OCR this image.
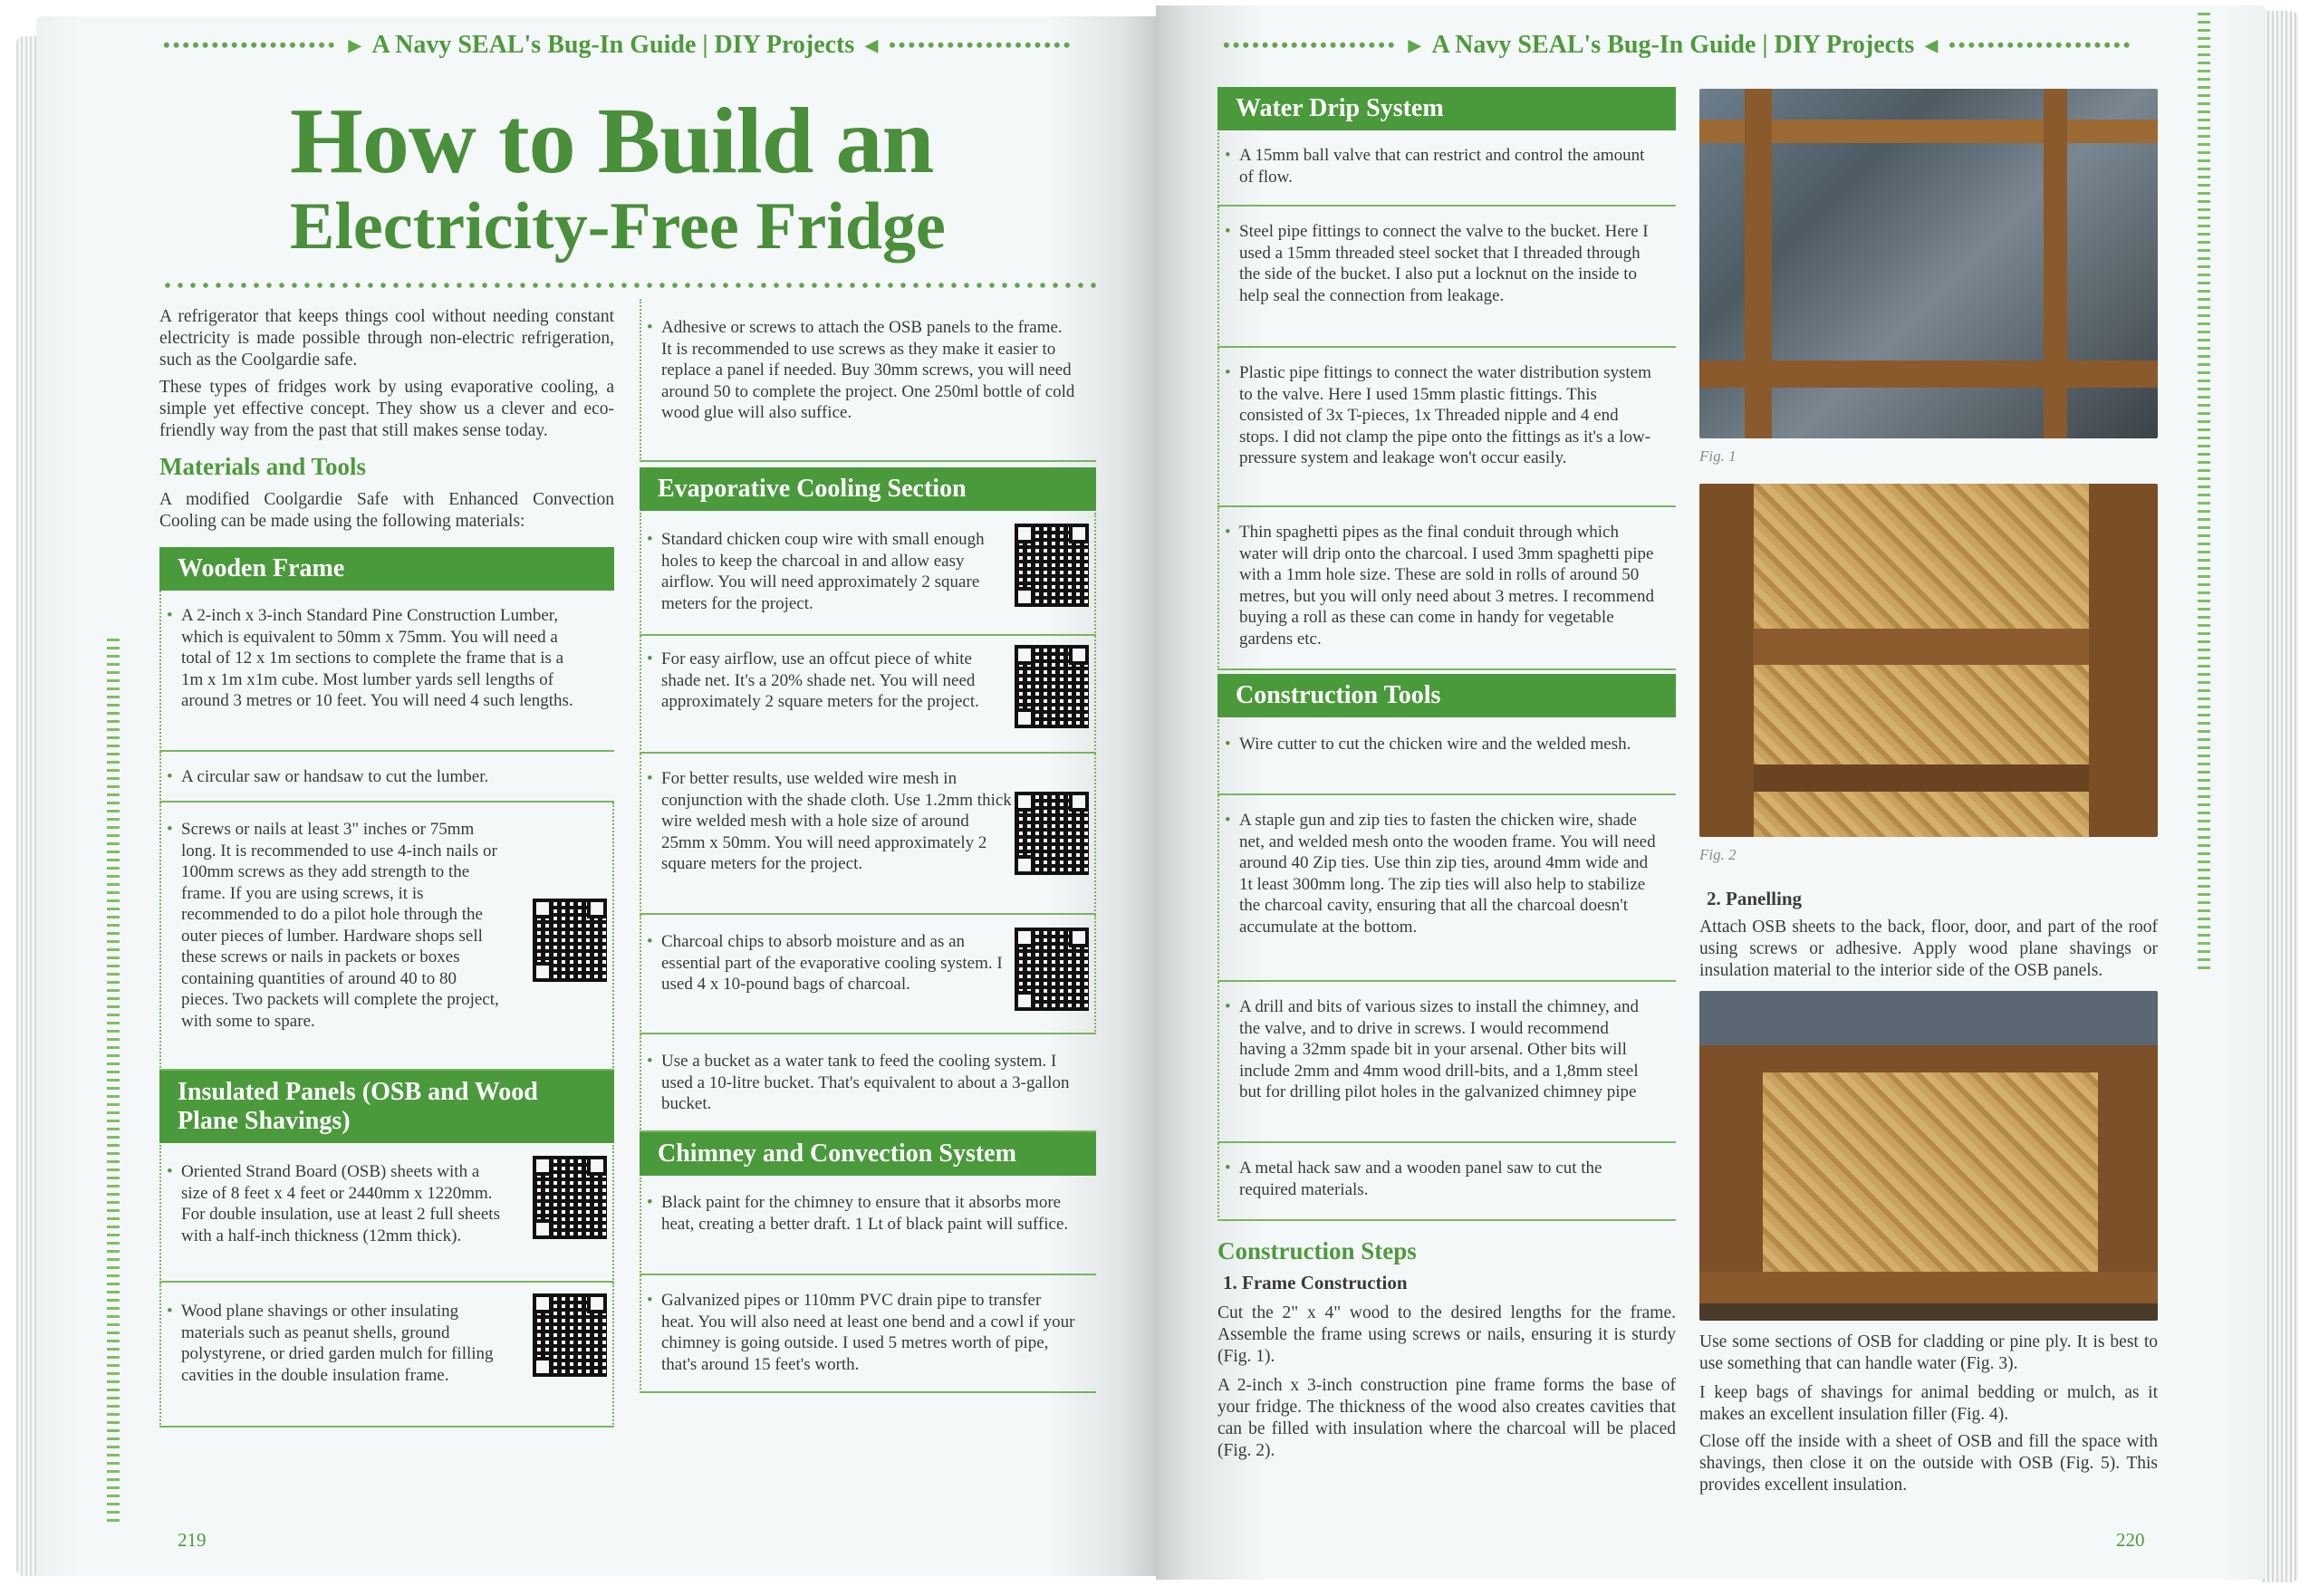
•••••••••••••••••• ▶ A Navy SEAL's Bug-In Guide | DIY Projects ◀ •••••••••••••••••••
How to Build an
Electricity-Free Fridge
A refrigerator that keeps things cool without needing constant electricity is made possible through non-electric refrigeration, such as the Coolgardie safe.
These types of fridges work by using evaporative cooling, a simple yet effective concept. They show us a clever and eco-friendly way from the past that still makes sense today.
Materials and Tools
A modified Coolgardie Safe with Enhanced Convection Cooling can be made using the following materials:
Wooden Frame
• A 2-inch x 3-inch Standard Pine Construction Lumber, which is equivalent to 50mm x 75mm. You will need a total of 12 x 1m sections to complete the frame that is a 1m x 1m x1m cube. Most lumber yards sell lengths of around 3 metres or 10 feet. You will need 4 such lengths.
• A circular saw or handsaw to cut the lumber.
• Screws or nails at least 3" inches or 75mm long. It is recommended to use 4-inch nails or 100mm screws as they add strength to the frame. If you are using screws, it is recommended to do a pilot hole through the outer pieces of lumber. Hardware shops sell these screws or nails in packets or boxes containing quantities of around 40 to 80 pieces. Two packets will complete the project, with some to spare.
Insulated Panels (OSB and Wood Plane Shavings)
• Oriented Strand Board (OSB) sheets with a size of 8 feet x 4 feet or 2440mm x 1220mm. For double insulation, use at least 2 full sheets with a half-inch thickness (12mm thick).
• Wood plane shavings or other insulating materials such as peanut shells, ground polystyrene, or dried garden mulch for filling cavities in the double insulation frame.
• Adhesive or screws to attach the OSB panels to the frame. It is recommended to use screws as they make it easier to replace a panel if needed. Buy 30mm screws, you will need around 50 to complete the project. One 250ml bottle of cold wood glue will also suffice.
Evaporative Cooling Section
• Standard chicken coup wire with small enough holes to keep the charcoal in and allow easy airflow. You will need approximately 2 square meters for the project.
• For easy airflow, use an offcut piece of white shade net. It's a 20% shade net. You will need approximately 2 square meters for the project.
• For better results, use welded wire mesh in conjunction with the shade cloth. Use 1.2mm thick wire welded mesh with a hole size of around 25mm x 50mm. You will need approximately 2 square meters for the project.
• Charcoal chips to absorb moisture and as an essential part of the evaporative cooling system. I used 4 x 10-pound bags of charcoal.
• Use a bucket as a water tank to feed the cooling system. I used a 10-litre bucket. That's equivalent to about a 3-gallon bucket.
Chimney and Convection System
• Black paint for the chimney to ensure that it absorbs more heat, creating a better draft. 1 Lt of black paint will suffice.
• Galvanized pipes or 110mm PVC drain pipe to transfer heat. You will also need at least one bend and a cowl if your chimney is going outside. I used 5 metres worth of pipe, that's around 15 feet's worth.
219
•••••••••••••••••• ▶ A Navy SEAL's Bug-In Guide | DIY Projects ◀ •••••••••••••••••••
Water Drip System
• A 15mm ball valve that can restrict and control the amount of flow.
• Steel pipe fittings to connect the valve to the bucket. Here I used a 15mm threaded steel socket that I threaded through the side of the bucket. I also put a locknut on the inside to help seal the connection from leakage.
• Plastic pipe fittings to connect the water distribution system to the valve. Here I used 15mm plastic fittings. This consisted of 3x T-pieces, 1x Threaded nipple and 4 end stops. I did not clamp the pipe onto the fittings as it's a low-pressure system and leakage won't occur easily.
• Thin spaghetti pipes as the final conduit through which water will drip onto the charcoal. I used 3mm spaghetti pipe with a 1mm hole size. These are sold in rolls of around 50 metres, but you will only need about 3 metres. I recommend buying a roll as these can come in handy for vegetable gardens etc.
Construction Tools
• Wire cutter to cut the chicken wire and the welded mesh.
• A staple gun and zip ties to fasten the chicken wire, shade net, and welded mesh onto the wooden frame. You will need around 40 Zip ties. Use thin zip ties, around 4mm wide and 1t least 300mm long. The zip ties will also help to stabilize the charcoal cavity, ensuring that all the charcoal doesn't accumulate at the bottom.
• A drill and bits of various sizes to install the chimney, and the valve, and to drive in screws. I would recommend having a 32mm spade bit in your arsenal. Other bits will include 2mm and 4mm wood drill-bits, and a 1,8mm steel but for drilling pilot holes in the galvanized chimney pipe
• A metal hack saw and a wooden panel saw to cut the required materials.
Construction Steps
1. Frame Construction
Cut the 2" x 4" wood to the desired lengths for the frame. Assemble the frame using screws or nails, ensuring it is sturdy (Fig. 1).
A 2-inch x 3-inch construction pine frame forms the base of your fridge. The thickness of the wood also creates cavities that can be filled with insulation where the charcoal will be placed (Fig. 2).
Fig. 1
Fig. 2
2. Panelling
Attach OSB sheets to the back, floor, door, and part of the roof using screws or adhesive. Apply wood plane shavings or insulation material to the interior side of the OSB panels.
Use some sections of OSB for cladding or pine ply. It is best to use something that can handle water (Fig. 3).
I keep bags of shavings for animal bedding or mulch, as it makes an excellent insulation filler (Fig. 4).
Close off the inside with a sheet of OSB and fill the space with shavings, then close it on the outside with OSB (Fig. 5). This provides excellent insulation.
220
